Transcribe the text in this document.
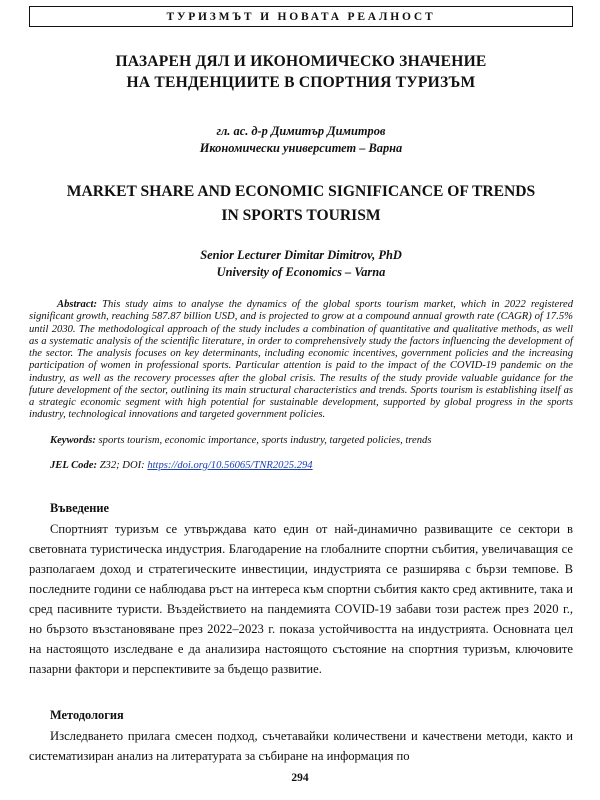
ТУРИЗМЪТ И НОВАТА РЕАЛНОСТ
ПАЗАРЕН ДЯЛ И ИКОНОМИЧЕСКО ЗНАЧЕНИЕ
НА ТЕНДЕНЦИИТЕ В СПОРТНИЯ ТУРИЗЪМ
гл. ас. д-р Димитър Димитров
Икономически университет – Варна
MARKET SHARE AND ECONOMIC SIGNIFICANCE OF TRENDS
IN SPORTS TOURISM
Senior Lecturer Dimitar Dimitrov, PhD
University of Economics – Varna
Abstract: This study aims to analyse the dynamics of the global sports tourism market, which in 2022 registered significant growth, reaching 587.87 billion USD, and is projected to grow at a compound annual growth rate (CAGR) of 17.5% until 2030. The methodological approach of the study includes a combination of quantitative and qualitative methods, as well as a systematic analysis of the scientific literature, in order to comprehensively study the factors influencing the development of the sector. The analysis focuses on key determinants, including economic incentives, government policies and the increasing participation of women in professional sports. Particular attention is paid to the impact of the COVID-19 pandemic on the industry, as well as the recovery processes after the global crisis. The results of the study provide valuable guidance for the future development of the sector, outlining its main structural characteristics and trends. Sports tourism is establishing itself as a strategic economic segment with high potential for sustainable development, supported by global progress in the sports industry, technological innovations and targeted government policies.
Keywords: sports tourism, economic importance, sports industry, targeted policies, trends
JEL Code: Z32; DOI: https://doi.org/10.56065/TNR2025.294
Въведение
Спортният туризъм се утвърждава като един от най-динамично развиващите се сектори в световната туристическа индустрия. Благодарение на глобалните спортни събития, увеличаващия се разполагаем доход и стратегическите инвестиции, индустрията се разширява с бързи темпове. В последните години се наблюдава ръст на интереса към спортни събития както сред активните, така и сред пасивните туристи. Въздействието на пандемията COVID-19 забави този растеж през 2020 г., но бързото възстановяване през 2022–2023 г. показа устойчивостта на индустрията. Основната цел на настоящото изследване е да анализира настоящото състояние на спортния туризъм, ключовите пазарни фактори и перспективите за бъдещо развитие.
Методология
Изследването прилага смесен подход, съчетавайки количествени и качествени методи, както и систематизиран анализ на литературата за събиране на информация по
294
